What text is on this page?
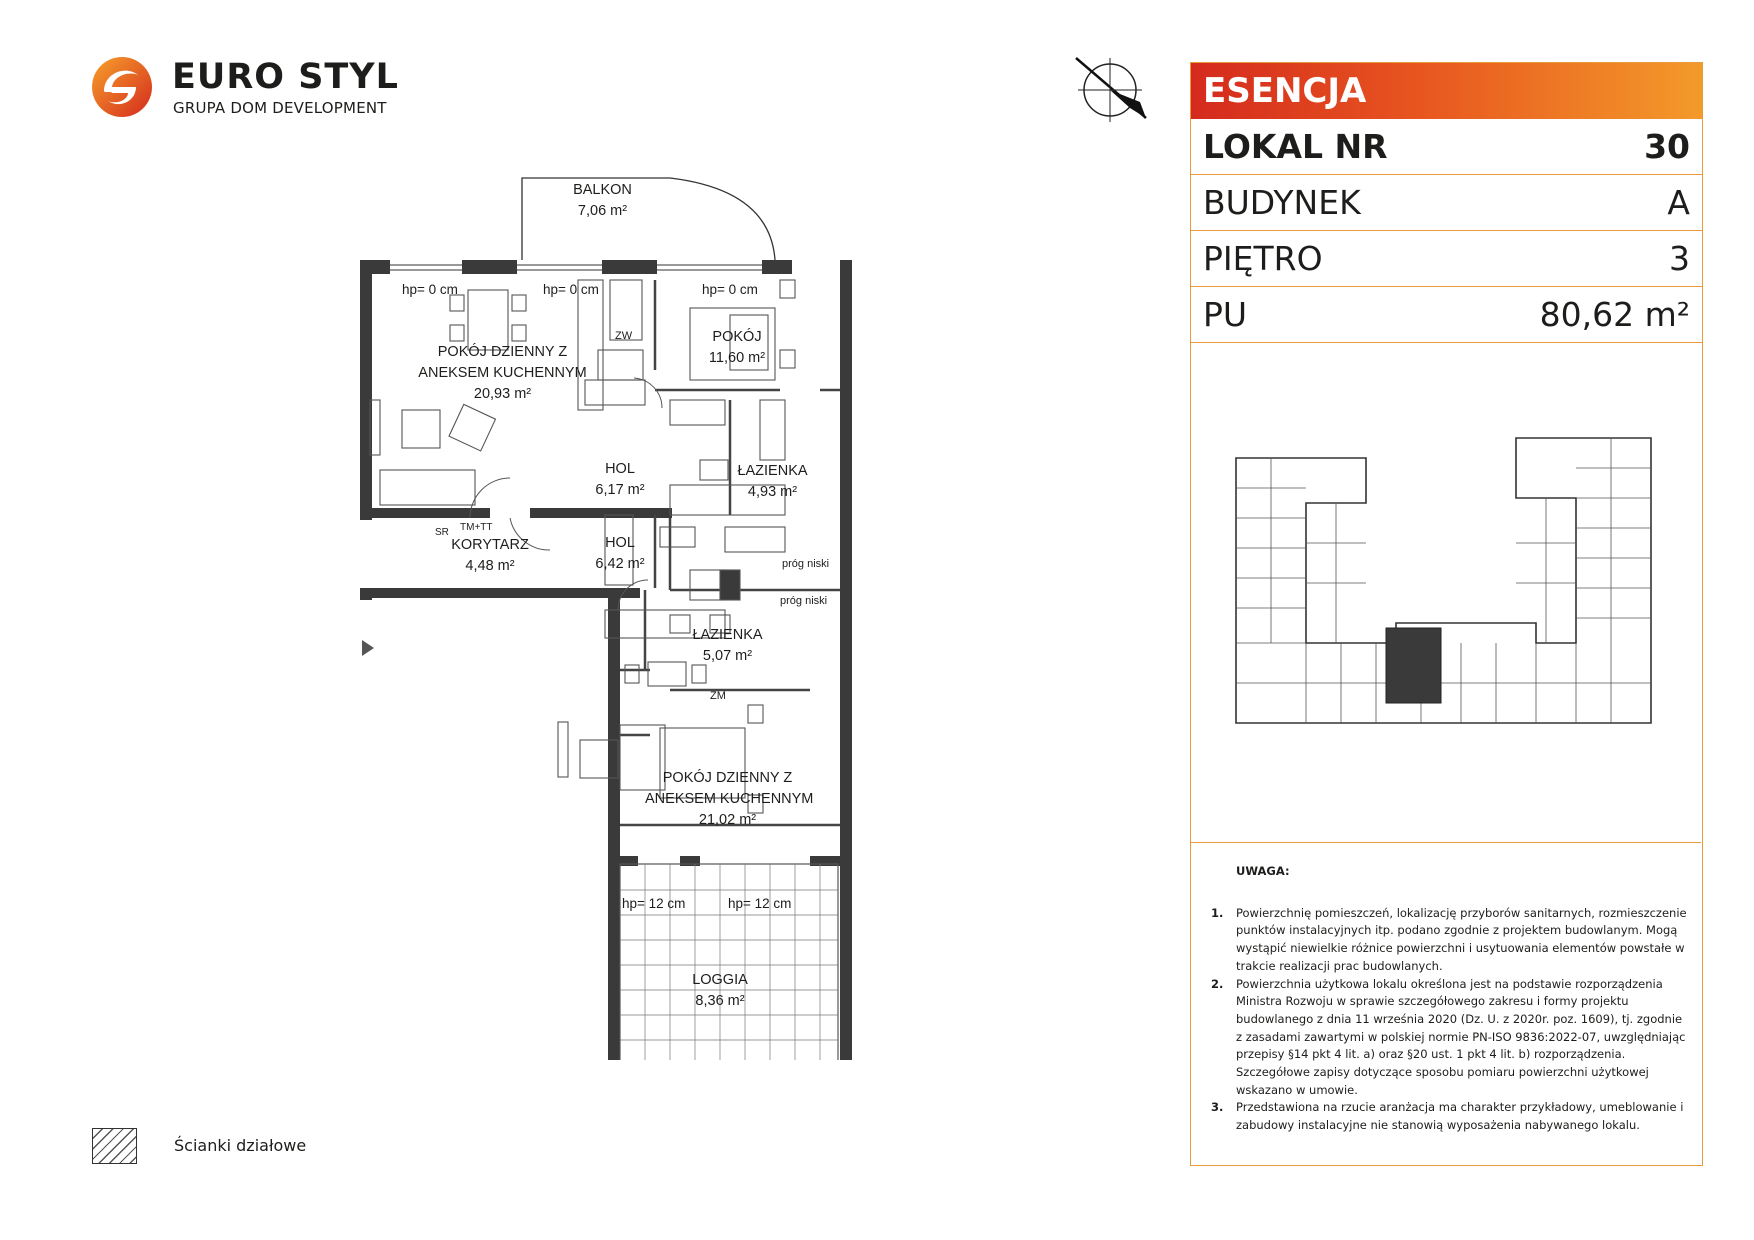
EURO STYL
GRUPA DOM DEVELOPMENT
BALKON
7,06 m²
POKÓJ DZIENNY Z
ANEKSEM KUCHENNYM
20,93 m²
POKÓJ
11,60 m²
HOL
6,17 m²
ŁAZIENKA
4,93 m²
KORYTARZ
4,48 m²
HOL
6,42 m²
ŁAZIENKA
5,07 m²
POKÓJ DZIENNY Z
ANEKSEM KUCHENNYM
21,02 m²
LOGGIA
8,36 m²
hp= 0 cm	hp= 0 cm	hp= 0 cm
hp= 12 cm	hp= 12 cm
próg niski
próg niski
ZW
ZM
SR TM+TT
ESENCJA
LOKAL NR	30
BUDYNEK	A
PIĘTRO	3
PU	80,62 m²
UWAGA:
1.	Powierzchnię pomieszczeń, lokalizację przyborów sanitarnych, rozmieszczenie punktów instalacyjnych itp. podano zgodnie z projektem budowlanym. Mogą wystąpić niewielkie różnice powierzchni i usytuowania elementów powstałe w trakcie realizacji prac budowlanych.
2.	Powierzchnia użytkowa lokalu określona jest na podstawie rozporządzenia Ministra Rozwoju w sprawie szczegółowego zakresu i formy projektu budowlanego z dnia 11 września 2020 (Dz. U. z 2020r. poz. 1609), tj. zgodnie z zasadami zawartymi w polskiej normie PN-ISO 9836:2022-07, uwzględniając przepisy §14 pkt 4 lit. a) oraz §20 ust. 1 pkt 4 lit. b) rozporządzenia. Szczegółowe zapisy dotyczące sposobu pomiaru powierzchni użytkowej wskazano w umowie.
3.	Przedstawiona na rzucie aranżacja ma charakter przykładowy, umeblowanie i zabudowy instalacyjne nie stanowią wyposażenia nabywanego lokalu.
Ścianki działowe
